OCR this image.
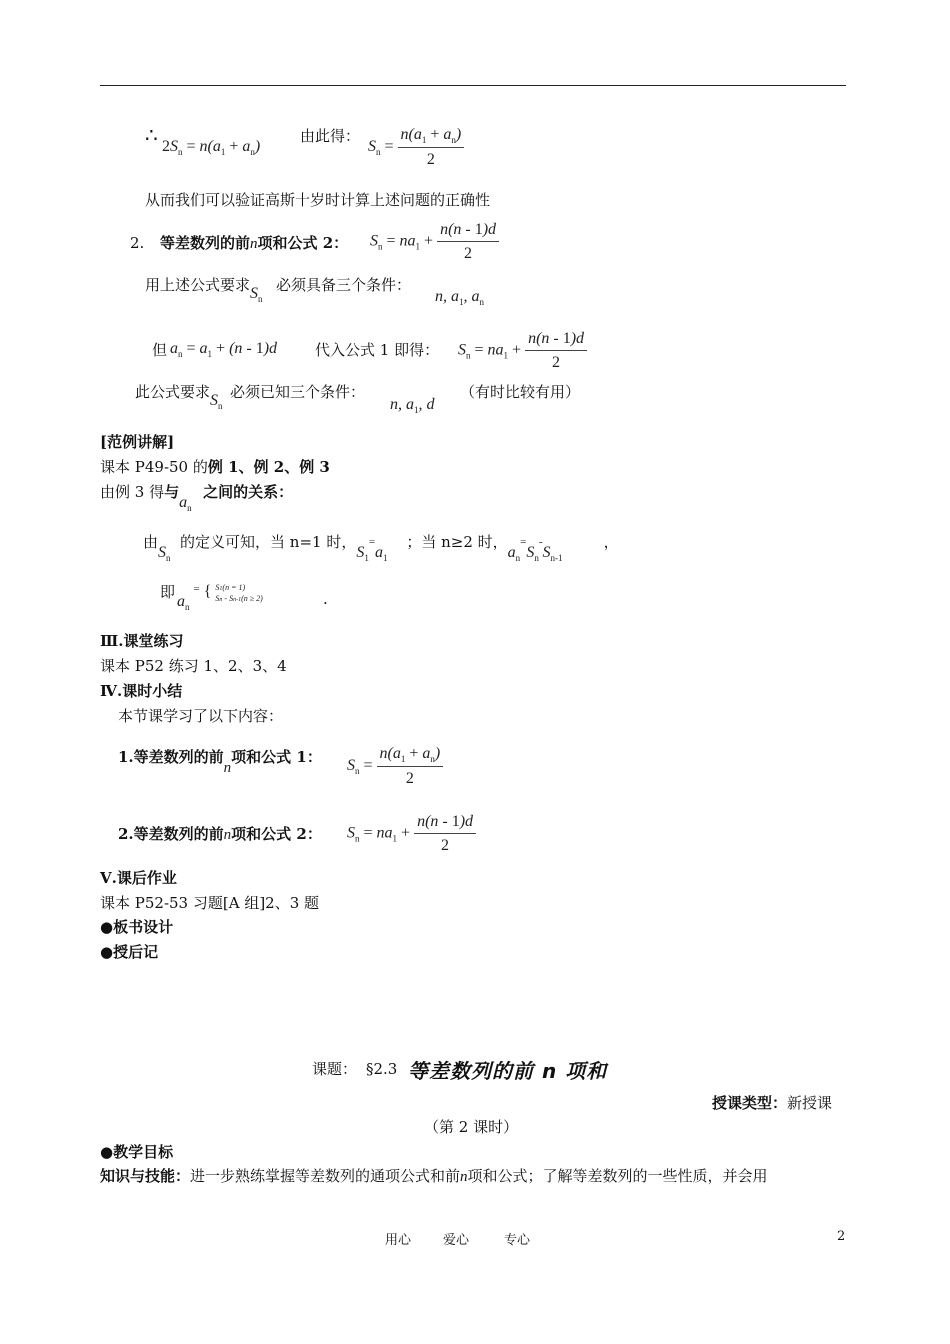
∴ $2S_n = n(a_1 + a_n)$
由此得：
$S_n = \frac{n(a_1 + a_n)}{2}$
从而我们可以验证高斯十岁时计算上述问题的正确性
2. 等差数列的前n项和公式 2： $S_n = na_1 + \frac{n(n - 1)d}{2}$
用上述公式要求$S_n$必须具备三个条件：
n, $a_1$, $a_n$
但 $a_n = a_1 + (n - 1)d$	代入公式 1 即得： $S_n = na_1 + \frac{n(n - 1)d}{2}$
此公式要求$S_n$必须已知三个条件：
n, $a_1$, d
（有时比较有用）
[范例讲解]
课本 P49-50 的例 1、例 2、例 3
由例 3 得与$a_n$之间的关系：
由$S_n$的定义可知，当 n=1 时，$S_1^=a_1$；当 n≥2 时，$a_n^=S_n^-S_{n-1}$，
即
$a_n$ = { S1(n = 1)
Sn - Sn-1(n ≥ 2)	.
Ⅲ.课堂练习
课本 P52 练习 1、2、3、4
Ⅳ.课时小结
本节课学习了以下内容：
1.等差数列的前n项和公式 1： $S_n = \frac{n(a_1 + a_n)}{2}$
2.等差数列的前n项和公式 2： $S_n = na_1 + \frac{n(n - 1)d}{2}$
Ⅴ.课后作业
课本 P52-53 习题[A 组]2、3 题
●板书设计
●授后记
课题： §2.3 等差数列的前 n 项和
授课类型：新授课
（第 2 课时）
●教学目标
知识与技能：进一步熟练掌握等差数列的通项公式和前n项和公式；了解等差数列的一些性质，并会用
用心 爱心	专心	2
